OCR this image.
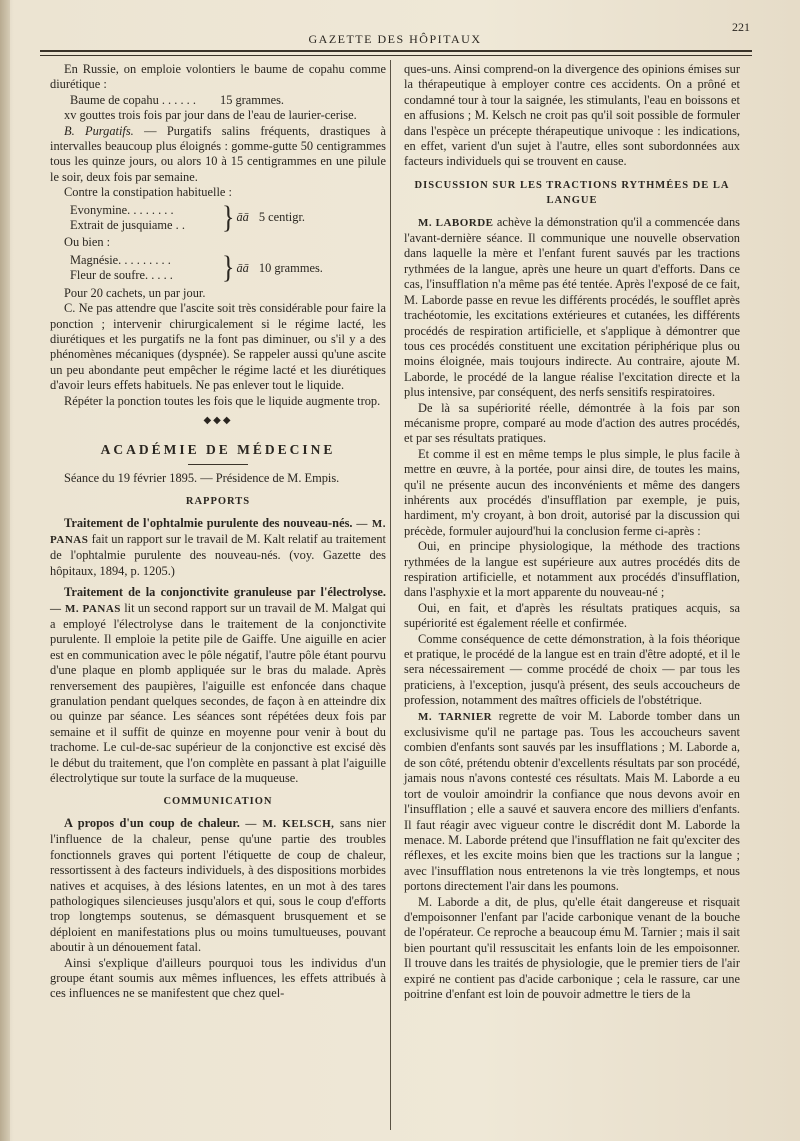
GAZETTE DES HÔPITAUX
221

En Russie, on emploie volontiers le baume de copahu comme diurétique :

Baume de copahu . . . . . .	15 grammes.

xv gouttes trois fois par jour dans de l'eau de laurier-cerise.

B. Purgatifs. — Purgatifs salins fréquents, drastiques à intervalles beaucoup plus éloignés : gomme-gutte 50 centigrammes tous les quinze jours, ou alors 10 à 15 centigrammes en une pilule le soir, deux fois par semaine.

Contre la constipation habituelle :

Evonymine. . . . . . . .
Extrait de jusquiame . .	} āā 5 centigr.

Ou bien :

Magnésie. . . . . . . . .
Fleur de soufre. . . . .	} āā 10 grammes.

Pour 20 cachets, un par jour.

C. Ne pas attendre que l'ascite soit très considérable pour faire la ponction ; intervenir chirurgicalement si le régime lacté, les diurétiques et les purgatifs ne la font pas diminuer, ou s'il y a des phénomènes mécaniques (dyspnée). Se rappeler aussi qu'une ascite un peu abondante peut empêcher le régime lacté et les diurétiques d'avoir leurs effets habituels. Ne pas enlever tout le liquide.

Répéter la ponction toutes les fois que le liquide augmente trop.

◆◆◆
ACADÉMIE DE MÉDECINE

Séance du 19 février 1895. — Présidence de M. Empis.

RAPPORTS

Traitement de l'ophtalmie purulente des nouveau-nés. — M. PANAS fait un rapport sur le travail de M. Kalt relatif au traitement de l'ophtalmie purulente des nouveau-nés. (voy. Gazette des hôpitaux, 1894, p. 1205.)

Traitement de la conjonctivite granuleuse par l'électrolyse. — M. PANAS lit un second rapport sur un travail de M. Malgat qui a employé l'électrolyse dans le traitement de la conjonctivite purulente. Il emploie la petite pile de Gaiffe. Une aiguille en acier est en communication avec le pôle négatif, l'autre pôle étant pourvu d'une plaque en plomb appliquée sur le bras du malade. Après renversement des paupières, l'aiguille est enfoncée dans chaque granulation pendant quelques secondes, de façon à en atteindre dix ou quinze par séance. Les séances sont répétées deux fois par semaine et il suffit de quinze en moyenne pour venir à bout du trachome. Le cul-de-sac supérieur de la conjonctive est excisé dès le début du traitement, que l'on complète en passant à plat l'aiguille électrolytique sur toute la surface de la muqueuse.

COMMUNICATION

A propos d'un coup de chaleur. — M. KELSCH, sans nier l'influence de la chaleur, pense qu'une partie des troubles fonctionnels graves qui portent l'étiquette de coup de chaleur, ressortissent à des facteurs individuels, à des dispositions morbides natives et acquises, à des lésions latentes, en un mot à des tares pathologiques silencieuses jusqu'alors et qui, sous le coup d'efforts trop longtemps soutenus, se démasquent brusquement et se déploient en manifestations plus ou moins tumultueuses, pouvant aboutir à un dénouement fatal.

Ainsi s'explique d'ailleurs pourquoi tous les individus d'un groupe étant soumis aux mêmes influences, les effets attribués à ces influences ne se manifestent que chez quel-

ques-uns. Ainsi comprend-on la divergence des opinions émises sur la thérapeutique à employer contre ces accidents. On a prôné et condamné tour à tour la saignée, les stimulants, l'eau en boissons et en affusions ; M. Kelsch ne croit pas qu'il soit possible de formuler dans l'espèce un précepte thérapeutique univoque : les indications, en effet, varient d'un sujet à l'autre, elles sont subordonnées aux facteurs individuels qui se trouvent en cause.

DISCUSSION SUR LES TRACTIONS RYTHMÉES DE LA LANGUE

M. LABORDE achève la démonstration qu'il a commencée dans l'avant-dernière séance. Il communique une nouvelle observation dans laquelle la mère et l'enfant furent sauvés par les tractions rythmées de la langue, après une heure un quart d'efforts. Dans ce cas, l'insufflation n'a même pas été tentée. Après l'exposé de ce fait, M. Laborde passe en revue les différents procédés, le soufflet après trachéotomie, les excitations extérieures et cutanées, les différents procédés de respiration artificielle, et s'applique à démontrer que tous ces procédés constituent une excitation périphérique plus ou moins éloignée, mais toujours indirecte. Au contraire, ajoute M. Laborde, le procédé de la langue réalise l'excitation directe et la plus intensive, par conséquent, des nerfs sensitifs respiratoires.

De là sa supériorité réelle, démontrée à la fois par son mécanisme propre, comparé au mode d'action des autres procédés, et par ses résultats pratiques.

Et comme il est en même temps le plus simple, le plus facile à mettre en œuvre, à la portée, pour ainsi dire, de toutes les mains, qu'il ne présente aucun des inconvénients et même des dangers inhérents aux procédés d'insufflation par exemple, je puis, hardiment, m'y croyant, à bon droit, autorisé par la discussion qui précède, formuler aujourd'hui la conclusion ferme ci-après :

Oui, en principe physiologique, la méthode des tractions rythmées de la langue est supérieure aux autres procédés dits de respiration artificielle, et notamment aux procédés d'insufflation, dans l'asphyxie et la mort apparente du nouveau-né ;

Oui, en fait, et d'après les résultats pratiques acquis, sa supériorité est également réelle et confirmée.

Comme conséquence de cette démonstration, à la fois théorique et pratique, le procédé de la langue est en train d'être adopté, et il le sera nécessairement — comme procédé de choix — par tous les praticiens, à l'exception, jusqu'à présent, des seuls accoucheurs de profession, notamment des maîtres officiels de l'obstétrique.

M. TARNIER regrette de voir M. Laborde tomber dans un exclusivisme qu'il ne partage pas. Tous les accoucheurs savent combien d'enfants sont sauvés par les insufflations ; M. Laborde a, de son côté, prétendu obtenir d'excellents résultats par son procédé, jamais nous n'avons contesté ces résultats. Mais M. Laborde a eu tort de vouloir amoindrir la confiance que nous devons avoir en l'insufflation ; elle a sauvé et sauvera encore des milliers d'enfants. Il faut réagir avec vigueur contre le discrédit dont M. Laborde la menace. M. Laborde prétend que l'insufflation ne fait qu'exciter des réflexes, et les excite moins bien que les tractions sur la langue ; avec l'insufflation nous entretenons la vie très longtemps, et nous portons directement l'air dans les poumons.

M. Laborde a dit, de plus, qu'elle était dangereuse et risquait d'empoisonner l'enfant par l'acide carbonique venant de la bouche de l'opérateur. Ce reproche a beaucoup ému M. Tarnier ; mais il sait bien pourtant qu'il ressuscitait les enfants loin de les empoisonner. Il trouve dans les traités de physiologie, que le premier tiers de l'air expiré ne contient pas d'acide carbonique ; cela le rassure, car une poitrine d'enfant est loin de pouvoir admettre le tiers de la
